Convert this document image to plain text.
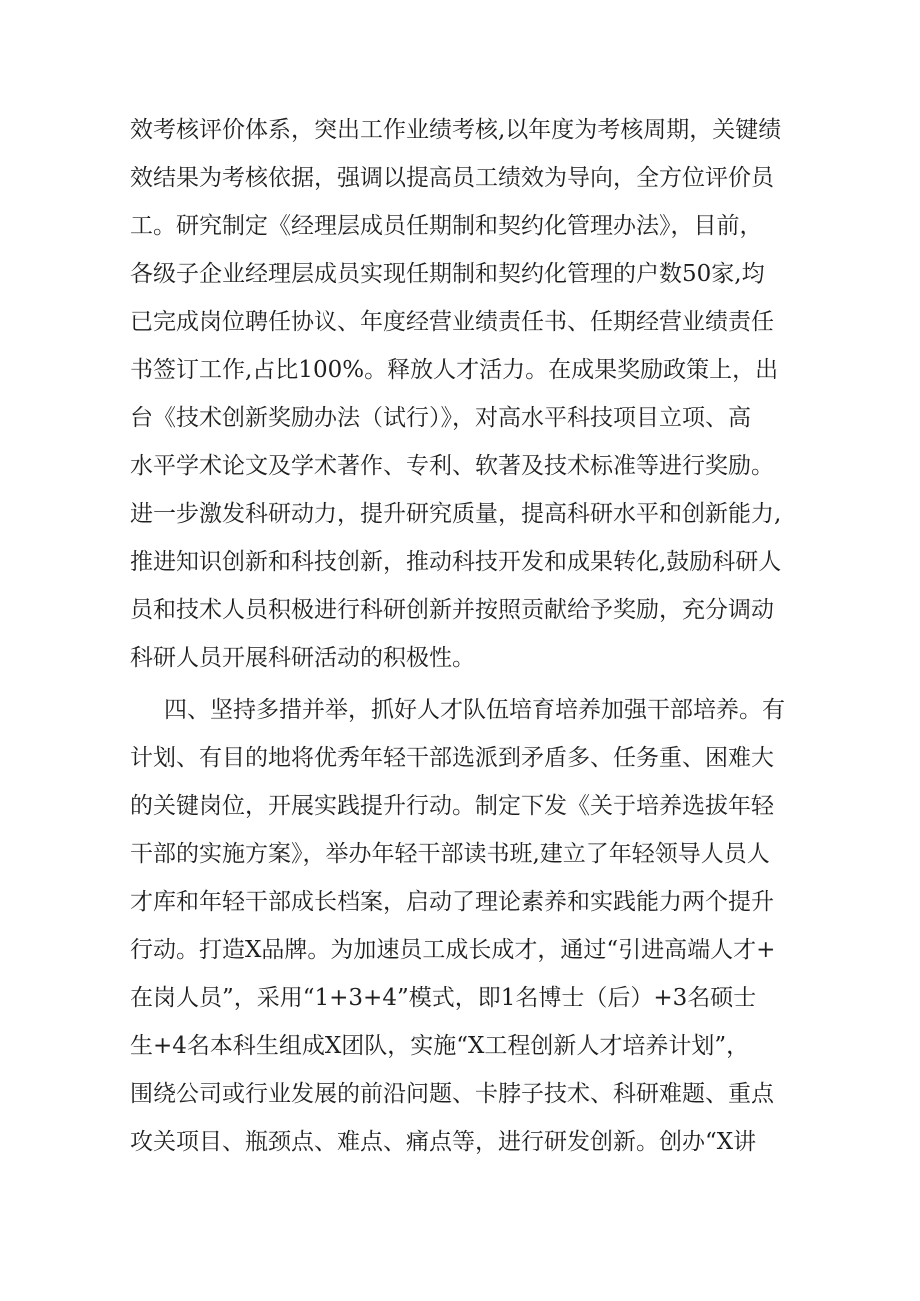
效考核评价体系，突出工作业绩考核,以年度为考核周期，关键绩
效结果为考核依据，强调以提高员工绩效为导向，全方位评价员
工。研究制定《经理层成员任期制和契约化管理办法》，目前，
各级子企业经理层成员实现任期制和契约化管理的户数50家,均
已完成岗位聘任协议、年度经营业绩责任书、任期经营业绩责任
书签订工作,占比100%。释放人才活力。在成果奖励政策上，出
台《技术创新奖励办法（试行）》，对高水平科技项目立项、高
水平学术论文及学术著作、专利、软著及技术标准等进行奖励。
进一步激发科研动力，提升研究质量，提高科研水平和创新能力,
推进知识创新和科技创新，推动科技开发和成果转化,鼓励科研人
员和技术人员积极进行科研创新并按照贡献给予奖励，充分调动
科研人员开展科研活动的积极性。
四、坚持多措并举，抓好人才队伍培育培养加强干部培养。有
计划、有目的地将优秀年轻干部选派到矛盾多、任务重、困难大
的关键岗位，开展实践提升行动。制定下发《关于培养选拔年轻
干部的实施方案》，举办年轻干部读书班,建立了年轻领导人员人
才库和年轻干部成长档案，启动了理论素养和实践能力两个提升
行动。打造X品牌。为加速员工成长成才，通过“引进高端人才+
在岗人员”，采用“1+3+4”模式，即1名博士（后）+3名硕士
生+4名本科生组成X团队，实施“X工程创新人才培养计划”，
围绕公司或行业发展的前沿问题、卡脖子技术、科研难题、重点
攻关项目、瓶颈点、难点、痛点等，进行研发创新。创办“X讲
